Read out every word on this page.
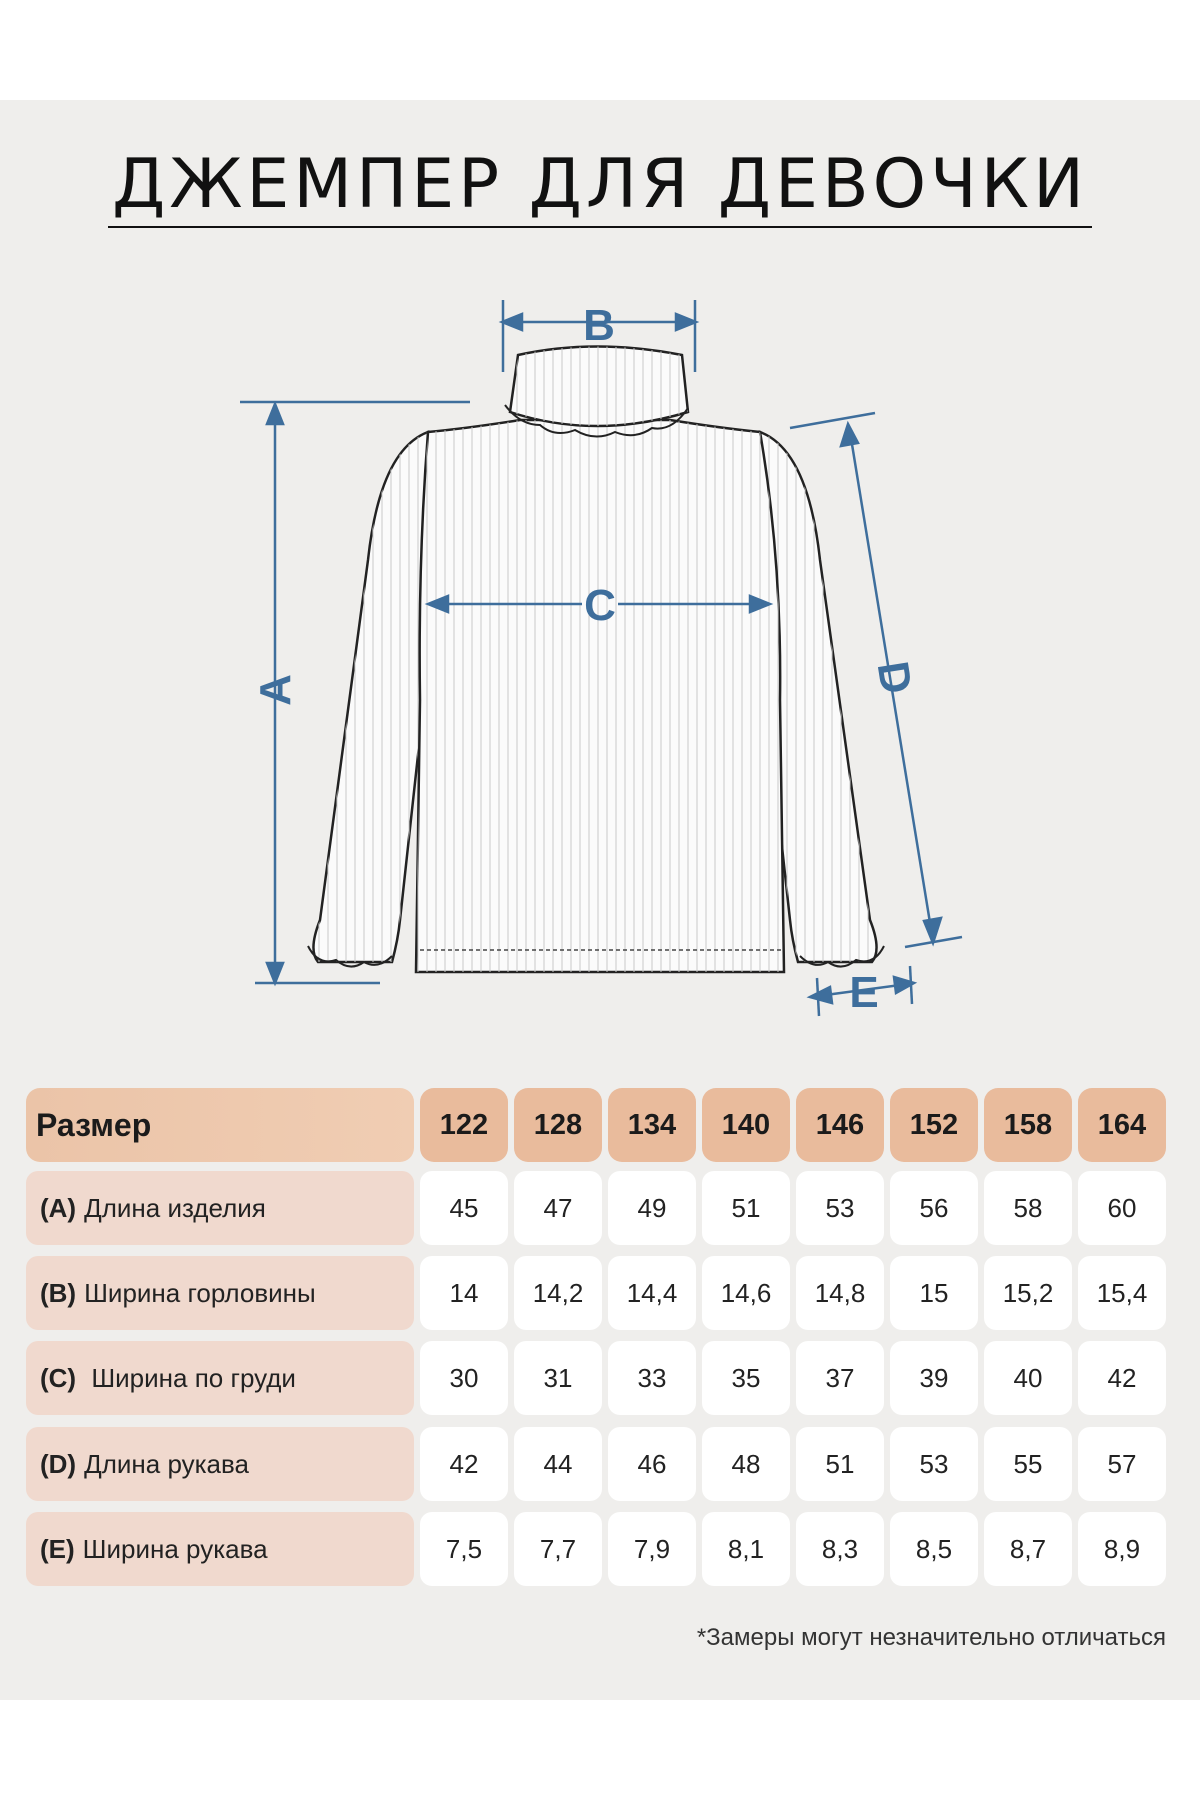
ДЖЕМПЕР ДЛЯ ДЕВОЧКИ
B
C
A	D
E
Размер	122	128	134	140	146	152	158	164
(A) Длина изделия	45	47	49	51	53	56	58	60
(B) Ширина горловины	14	14,2	14,4	14,6	14,8	15	15,2	15,4
(C) Ширина по груди	30	31	33	35	37	39	40	42
(D) Длина рукава	42	44	46	48	51	53	55	57
(E) Ширина рукава	7,5	7,7	7,9	8,1	8,3	8,5	8,7	8,9
*Замеры могут незначительно отличаться
